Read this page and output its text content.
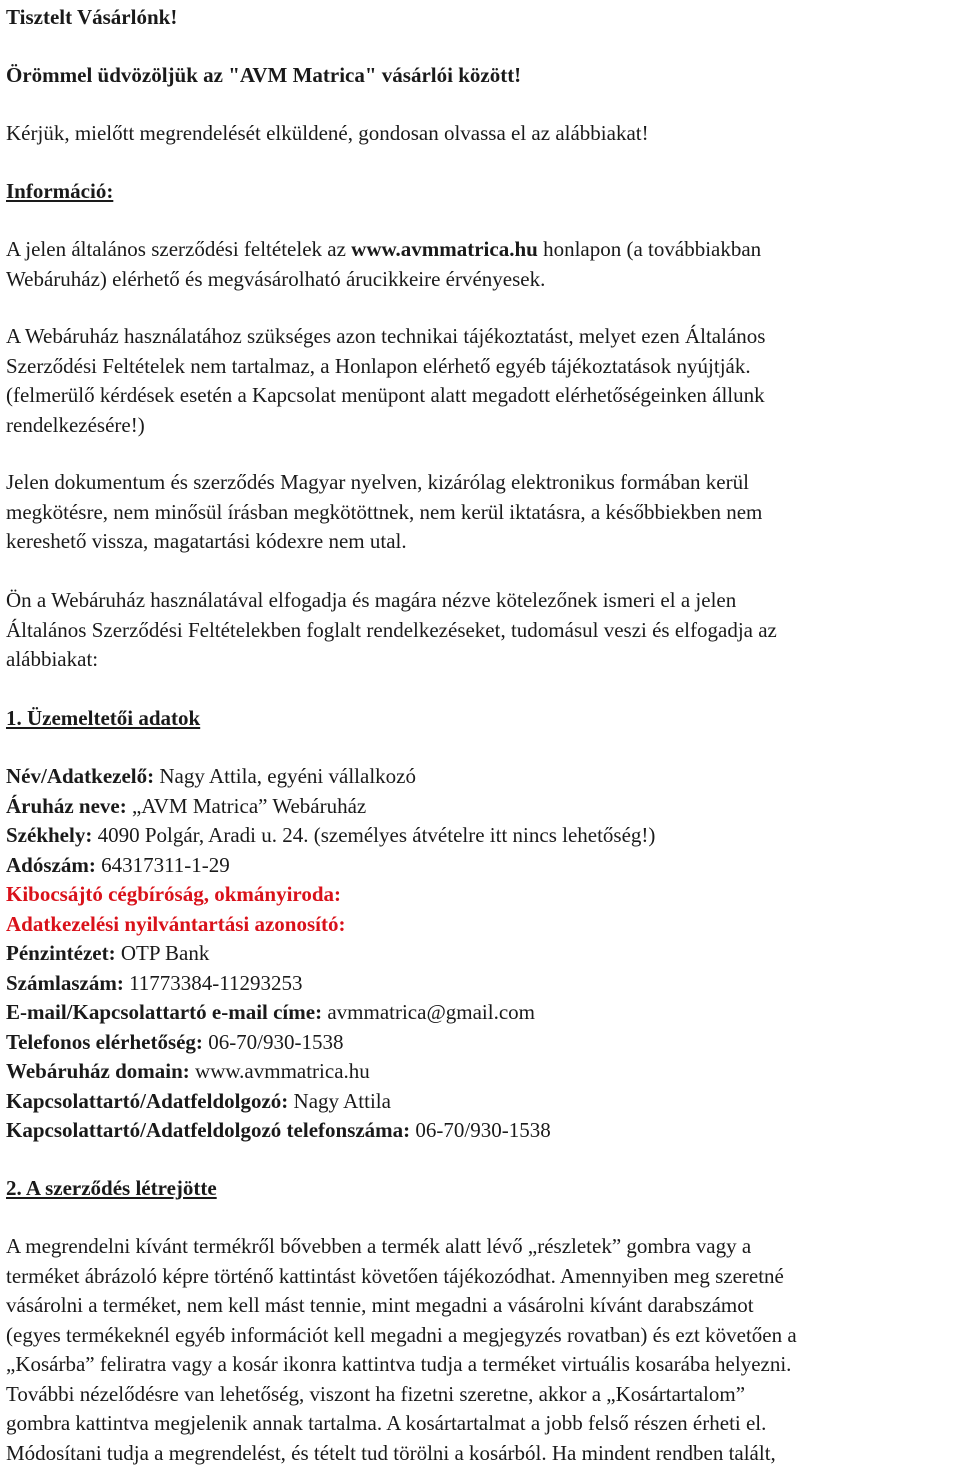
Tisztelt Vásárlónk!

Örömmel üdvözöljük az "AVM Matrica" vásárlói között!

Kérjük, mielőtt megrendelését elküldené, gondosan olvassa el az alábbiakat!

Információ:

A jelen általános szerződési feltételek az www.avmmatrica.hu honlapon (a továbbiakban
Webáruház) elérhető és megvásárolható árucikkeire érvényesek.

A Webáruház használatához szükséges azon technikai tájékoztatást, melyet ezen Általános
Szerződési Feltételek nem tartalmaz, a Honlapon elérhető egyéb tájékoztatások nyújtják.
(felmerülő kérdések esetén a Kapcsolat menüpont alatt megadott elérhetőségeinken állunk
rendelkezésére!)

Jelen dokumentum és szerződés Magyar nyelven, kizárólag elektronikus formában kerül
megkötésre, nem minősül írásban megkötöttnek, nem kerül iktatásra, a későbbiekben nem
kereshető vissza, magatartási kódexre nem utal.

Ön a Webáruház használatával elfogadja és magára nézve kötelezőnek ismeri el a jelen
Általános Szerződési Feltételekben foglalt rendelkezéseket, tudomásul veszi és elfogadja az
alábbiakat:

1. Üzemeltetői adatok

Név/Adatkezelő: Nagy Attila, egyéni vállalkozó
Áruház neve: „AVM Matrica” Webáruház
Székhely: 4090 Polgár, Aradi u. 24. (személyes átvételre itt nincs lehetőség!)
Adószám: 64317311-1-29
Kibocsájtó cégbíróság, okmányiroda:
Adatkezelési nyilvántartási azonosító:
Pénzintézet: OTP Bank
Számlaszám: 11773384-11293253
E-mail/Kapcsolattartó e-mail címe: avmmatrica@gmail.com
Telefonos elérhetőség: 06-70/930-1538
Webáruház domain: www.avmmatrica.hu
Kapcsolattartó/Adatfeldolgozó: Nagy Attila
Kapcsolattartó/Adatfeldolgozó telefonszáma: 06-70/930-1538

2. A szerződés létrejötte

A megrendelni kívánt termékről bővebben a termék alatt lévő „részletek” gombra vagy a
terméket ábrázoló képre történő kattintást követően tájékozódhat. Amennyiben meg szeretné
vásárolni a terméket, nem kell mást tennie, mint megadni a vásárolni kívánt darabszámot
(egyes termékeknél egyéb információt kell megadni a megjegyzés rovatban) és ezt követően a
„Kosárba” feliratra vagy a kosár ikonra kattintva tudja a terméket virtuális kosarába helyezni.
További nézelődésre van lehetőség, viszont ha fizetni szeretne, akkor a „Kosártartalom”
gombra kattintva megjelenik annak tartalma. A kosártartalmat a jobb felső részen érheti el.
Módosítani tudja a megrendelést, és tételt tud törölni a kosárból. Ha mindent rendben talált,
